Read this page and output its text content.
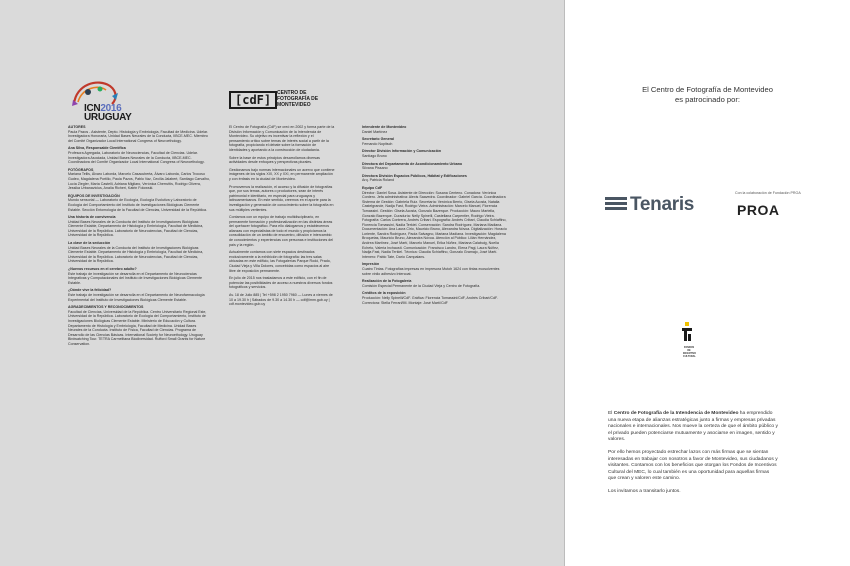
ICN2016
URUGUAY
[cdF]	CENTRO DE FOTOGRAFÍA DE MONTEVIDEO

AUTORES
Paula Pazos - Asistente, Depto. Histología y Embriología, Facultad de Medicina. Udelar. Investigadora Honoraria, Unidad Bases Neurales de la Conducta, IIBCE-MEC. Miembro del Comité Organizador Local International Congress of Neuroethology.

Ana Silva, Responsable Científica
Profesora Agregada, Laboratorio de Neurociencias, Facultad de Ciencias. Udelar. Investigadora Asociada, Unidad Bases Neurales de la Conducta, IIBCE-MEC. Coordinadora del Comité Organizador Local International Congress of Neuroethology.

FOTÓGRAFOS
Mariana Tellis, Álvaro Laborda, Marcelo Casacuberta, Álvaro Laborda, Carlos Trocoso Gudeo, Magdalena Portillo, Paula Pazos, Pablo Vaz, Cecilia Jalabert, Santiago Carvalho, Lucía Ziegler, María Castelli, Adriana Migliaro, Verónica Cherruttis, Rodrigo Olivera, Jessika Urbanavicius, Analía Richeri, Katrin Folowski.

EQUIPOS DE INVESTIGACIÓN
Mundo sensorial — Laboratorio de Ecología, Ecología Evolutiva y Laboratorio de Ecología del Comportamiento del Instituto de Investigaciones Biológicas Clemente Estable. Sección Entomología de la Facultad de Ciencias, Universidad de la República.

Una historia de convivencia
Unidad Bases Neurales de la Conducta del Instituto de Investigaciones Biológicas Clemente Estable, Departamento de Histología y Embriología, Facultad de Medicina, Universidad de la República. Laboratorio de Neurociencias, Facultad de Ciencias, Universidad de la República.

La clave de la seducción
Unidad Bases Neurales de la Conducta del Instituto de Investigaciones Biológicas Clemente Estable. Departamento de Histología y Embriología, Facultad de Medicina, Universidad de la República. Laboratorio de Neurociencias, Facultad de Ciencias, Universidad de la República.

¿Nuevos recursos en el cerebro adulto?
Este trabajo de investigación se desarrolla en el Departamento de Neurociencias Integrativas y Computacionales del Instituto de Investigaciones Biológicas Clemente Estable.

¿Dónde vive la felicidad?
Este trabajo de investigación se desarrolla en el Departamento de Neurofarmacología Experimental del Instituto de Investigaciones Biológicas Clemente Estable.

AGRADECIMIENTOS Y RECONOCIMIENTOS
Facultad de Ciencias, Universidad de la República. Centro Universitario Regional Este, Universidad de la República. Laboratorio de Ecología del Comportamiento, Instituto de Investigaciones Biológicas Clemente Estable. Ministerio de Educación y Cultura. Departamento de Histología y Embriología, Facultad de Medicina. Unidad Bases Neurales de la Conducta. Instituto de Física, Facultad de Ciencias. Programa de Desarrollo de las Ciencias Básicas. International Society for Neuroethology. Uruguay Birdwatching Tour. TETRA Carmelitana Biodiversidad. Rufford Small Grants for Nature Conservation.

El Centro de Fotografía (CdF) se creó en 2002 y forma parte de la División Información y Comunicación de la Intendencia de Montevideo. Su objetivo es incentivar la reflexión y el pensamiento crítico sobre temas de interés social a partir de la fotografía, propiciando el debate sobre la formación de identidades y aportando a la construcción de ciudadanía.

Sobre la base de estos principios desarrollamos diversas actividades desde enfoques y perspectivas plurales.

Gestionamos bajo normas internacionales un acervo que contiene imágenes de los siglos XIX, XX y XXI, en permanente ampliación y con énfasis en la ciudad de Montevideo.

Promovemos la realización, el acceso y la difusión de fotografías que, por sus temas, autores o productores, sean de interés patrimonial e identitario, en especial para uruguayos y latinoamericanos. En este sentido, creemos en el aporte para la investigación y generación de conocimiento sobre la fotografía en sus múltiples vertientes.

Contamos con un equipo de trabajo multidisciplinario, en permanente formación y profesionalización en las distintas áreas del quehacer fotográfico. Para ello dialogamos y establecemos alianzas con especialistas de todo el mundo y propiciamos la consolidación de un ámbito de encuentro, difusión e intercambio de conocimientos y experiencias con personas e instituciones del país y la región.

Actualmente contamos con siete espacios destinados exclusivamente a la exhibición de fotografía: las tres salas ubicadas en este edificio, las Fotogalerías Parque Rodó, Prado, Ciudad Vieja y Villa Dolores, concebidas como espacios al aire libre de exposición permanente.

En julio de 2015 nos trasladamos a este edificio, con el fin de potenciar las posibilidades de acceso a nuestros diversos fondos fotográficos y servicios.

Av. 18 de Julio 885 | Tel +598 2 1950 7960 — Lunes a viernes de 10 a 19.30 h | Sábados de 9.30 a 14.30 h — cdf@imm.gub.uy | cdf.montevideo.gub.uy

Intendente de Montevideo
Daniel Martínez

Secretario General
Fernando Nopitsch

Director División Información y Comunicación
Santiago Bruno

Directora del Departamento de Acondicionamiento Urbano
Silvana Pissano

Directora División Espacios Públicos, Hábitat y Edificaciones
Arq. Patricia Roland

Equipo CdF
Director: Daniel Sosa. Asistente de Dirección: Susana Centeno. Conadora: Verónica Cordero. Jefa administrativa: Alexis Saavedra. Coordinador: Gabriel García. Coordinadora Sistema de Gestión: Gabriela Ruiz. Secretaría: Verónica Berrio, Gisela Acosta, Natalia Castelgrande, Nadja Fast, Rodrigo Vieira. Administración: Marcelo Manuel, Florencia Tomassini. Gestión: Gisela Acosta, Gonzalo Bazerque. Producción: Mauro Martella, Gonzalo Bazerque. Curaduría: Nelly Spinelli, Castellana Carpentier, Rodrigo Vieira. Fotografía: Carlos Contrera, Andrés Cribari. Espografía: Andrés Cribari, Claudia Schiaffino, Florencia Tomassini, Nadia Terkiel. Conservación: Sandra Rodríguez, Mariana Madiana. Documentación: Ana Laura Cirio, Mauricio Bruno, Alexandra Nóvoa. Digitalización: Horacio Loriente, Sandra Rodríguez, Paola Salvagno, Mariana Madiana. Investigación: Magdalena Broquetas, Mauricio Bruno, Alexandra Nóvoa. Atención al Público: Lilián Hernández, Andrea Martínez, José Martí, Marcelo Manuel, Erika Núñez, Mariana Calabuig, Noelia Echeto, Valeria Inchausti. Comunicación: Francisco Landro, Elena Pagi, Laura Núñez, Nadja Fast, Nadia Terkiel. Técnica: Claudia Schiaffino, Gonzalo Gramajo, José Martí. Intenero: Pablo Tate, Darío Campalans.

Impresión
Cuatro Tintas. Fotografías impresas en impresora Mutoh 1624 con tintas ecosolventes sobre vinilo adhesivo Intercoat.

Realización de la Fotogalería
Comisión Especial Permanente de la Ciudad Vieja y Centro de Fotografía.

Créditos de la exposición
Producción: Nelly Spinelli/CdF. Gráfica: Florencia Tomassini/CdF, Andrés Cribari/CdF. Correctora: Stella Ferrari/IM. Montaje: José Martí/CdF

El Centro de Fotografía de Montevideo
es patrocinado por:
Tenaris
Con la colaboración de Fundación PROA
PROA
FONDOS DE INCENTIVO CULTURAL

El Centro de Fotografía de la Intendencia de Montevideo ha emprendido una nueva etapa de alianzas estratégicas junto a firmas y empresas privadas nacionales e internacionales. Nos mueve la certeza de que el ámbito público y el privado pueden potenciarse mutuamente y asociarse en imagen, sentido y valores.

Por ello hemos proyectado estrechar lazos con más firmas que se sientan interesadas en trabajar con nosotros a favor de Montevideo, sus ciudadanos y visitantes. Contamos con los beneficios que otorgan los Fondos de Incentivos Cultural del MEC, lo cual también es una oportunidad para aquellas firmas que crean y valoren este camino.

Los invitamos a transitarlo juntos.
